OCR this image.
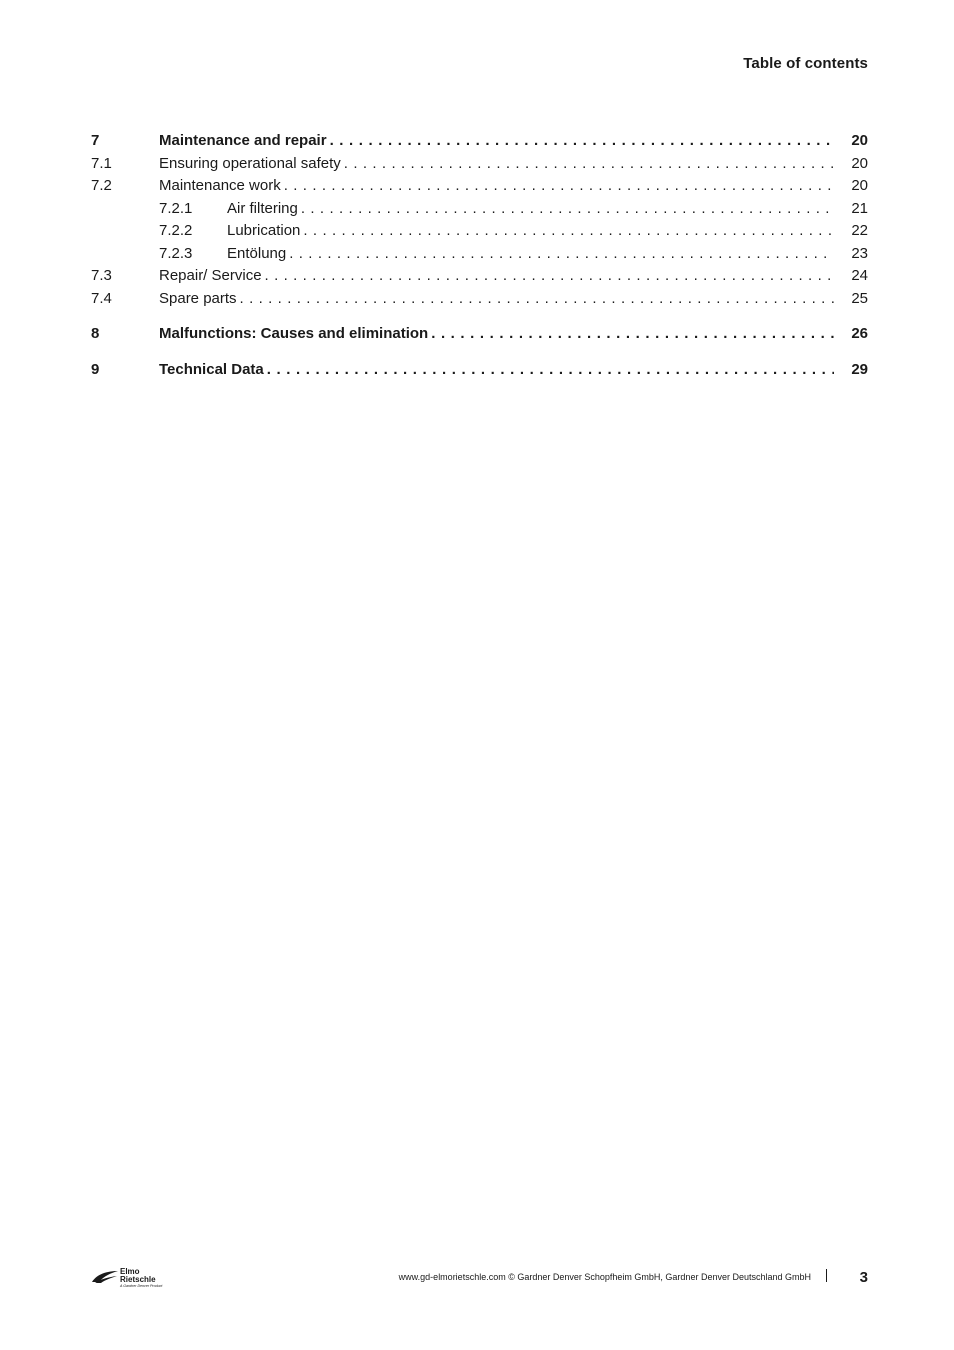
Table of contents
7	Maintenance and repair . . .	20
7.1	Ensuring operational safety . . .	20
7.2	Maintenance work . . .	20
7.2.1	Air filtering . . .	21
7.2.2	Lubrication . . .	22
7.2.3	Entölung . . .	23
7.3	Repair/ Service . . .	24
7.4	Spare parts . . .	25
8	Malfunctions: Causes and elimination . . .	26
9	Technical Data . . .	29
Elmo
Rietschle
A Gardner Denver Product
www.gd-elmorietschle.com © Gardner Denver Schopfheim GmbH, Gardner Denver Deutschland GmbH	3
